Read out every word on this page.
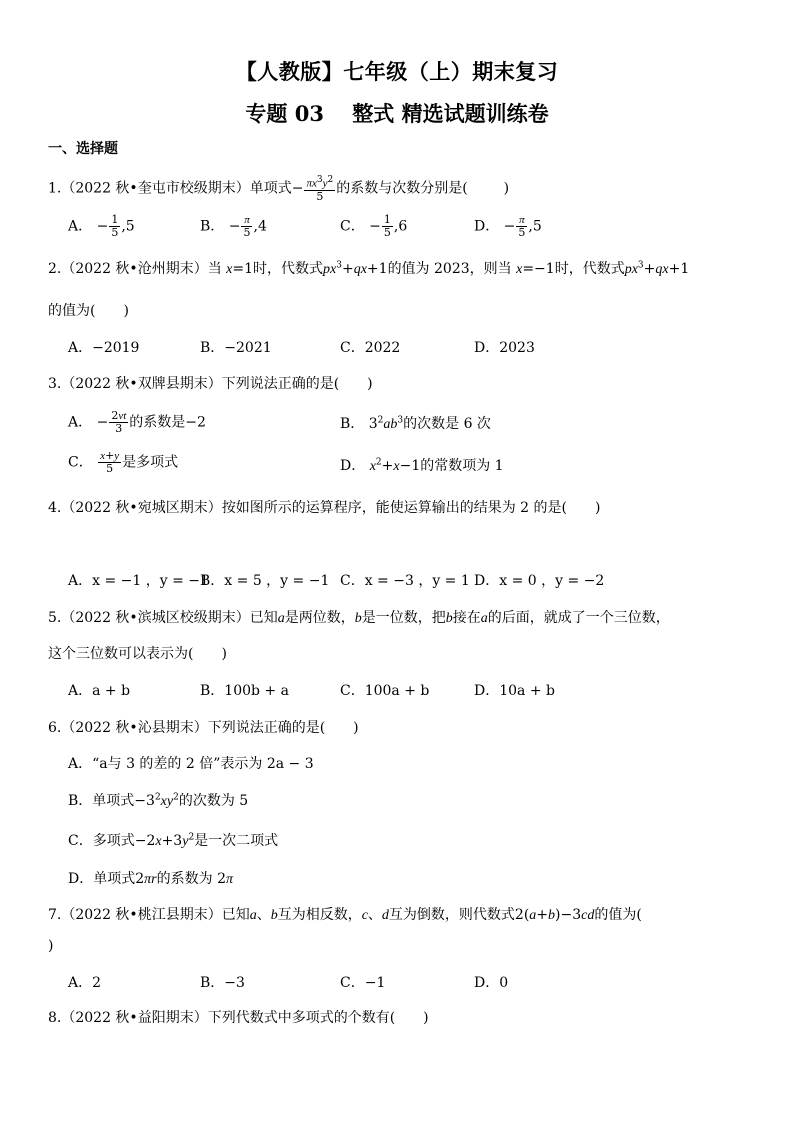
【人教版】七年级（上）期末复习
专题 03　 整式 精选试题训练卷
一、选择题
1.（2022 秋•奎屯市校级期末）单项式− $\frac{\pi x^3y^2}{5}$ 的系数与次数分别是(	)
A． − $\frac{1}{5} ,5$	B． − $\frac{\pi}{5} ,4$	C． − $\frac{1}{5} ,6$	D． − $\frac{\pi}{5} ,5$
2.（2022 秋•沧州期末）当 x=1时，代数式$px^3+qx+1$的值为 2023，则当 x=−1时，代数式$px^3+qx+1$
的值为(　　)
A．−2019	B．−2021	C．2022	D．2023
3.（2022 秋•双牌县期末）下列说法正确的是(　　)
A． − $\frac{2vt}{3}$ 的系数是−2	B． $3^2ab^3$的次数是 6 次
C． $\frac{x+y}{5}$ 是多项式	D． $x^2+x-1$的常数项为 1
4.（2022 秋•宛城区期末）按如图所示的运算程序，能使运算输出的结果为 2 的是(　　)
A．x = −1 ，y = −1
B．x = 5 ，y = −1 C．x = −3 ，y = 1 D．x = 0 ，y = −2
5.（2022 秋•滨城区校级期末）已知a是两位数，b是一位数，把b接在a的后面，就成了一个三位数，
这个三位数可以表示为(　　)
A．a + b	B．100b + a	C．100a + b	D．10a + b
6.（2022 秋•沁县期末）下列说法正确的是(　　)
A．“a与 3 的差的 2 倍”表示为 2a − 3
B．单项式$-3^2xy^2$的次数为 5
C．多项式$-2x+3y^2$是一次二项式
D．单项式2πr的系数为 2π
7.（2022 秋•桃江县期末）已知a、b互为相反数，c、d互为倒数，则代数式2(a+b)−3cd的值为(
)
A．2	B．−3	C．−1	D．0
8.（2022 秋•益阳期末）下列代数式中多项式的个数有(　　)
